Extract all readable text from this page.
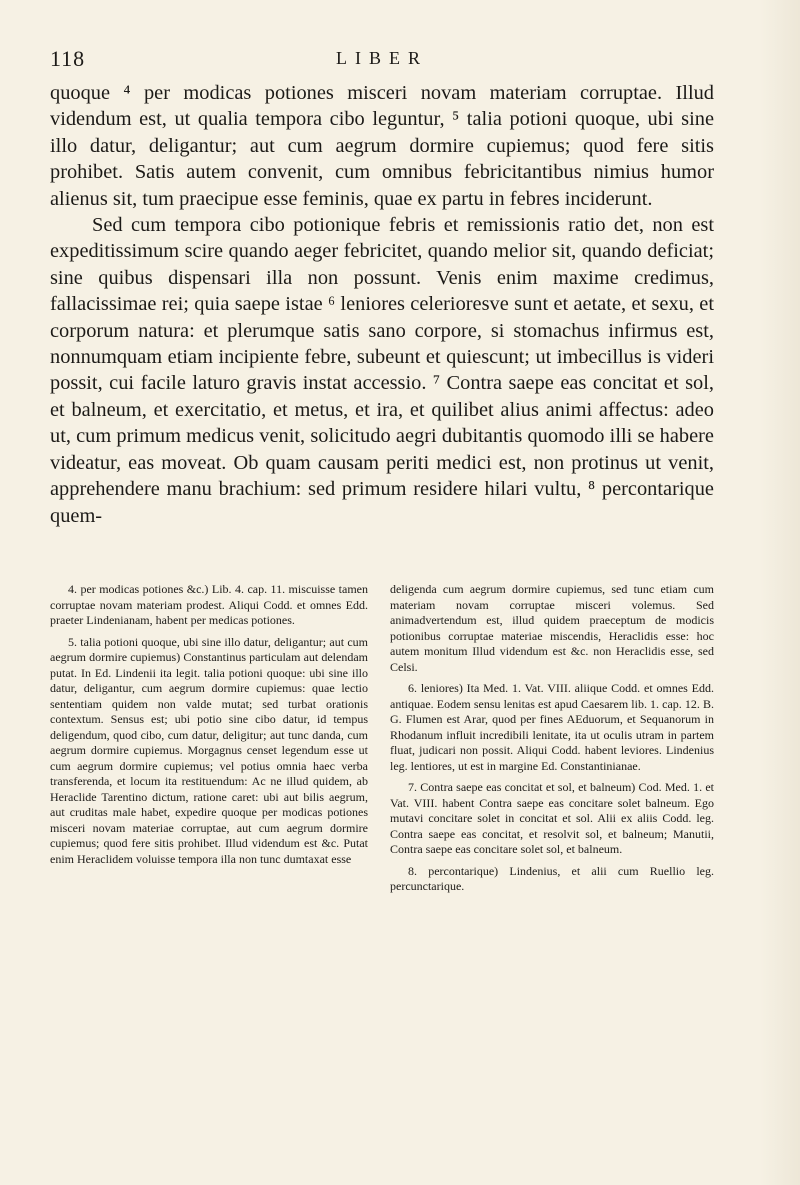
118	LIBER

quoque ⁴ per modicas potiones misceri novam materiam corruptae. Illud videndum est, ut qualia tempora cibo leguntur, ⁵ talia potioni quoque, ubi sine illo datur, deligantur; aut cum aegrum dormire cupiemus; quod fere sitis prohibet. Satis autem convenit, cum omnibus febricitantibus nimius humor alienus sit, tum praecipue esse feminis, quae ex partu in febres inciderunt.

Sed cum tempora cibo potionique febris et remissionis ratio det, non est expeditissimum scire quando aeger febricitet, quando melior sit, quando deficiat; sine quibus dispensari illa non possunt. Venis enim maxime credimus, fallacissimae rei; quia saepe istae ⁶ leniores celerioresve sunt et aetate, et sexu, et corporum natura: et plerumque satis sano corpore, si stomachus infirmus est, nonnumquam etiam incipiente febre, subeunt et quiescunt; ut imbecillus is videri possit, cui facile laturo gravis instat accessio. ⁷ Contra saepe eas concitat et sol, et balneum, et exercitatio, et metus, et ira, et quilibet alius animi affectus: adeo ut, cum primum medicus venit, solicitudo aegri dubitantis quomodo illi se habere videatur, eas moveat. Ob quam causam periti medici est, non protinus ut venit, apprehendere manu brachium: sed primum residere hilari vultu, ⁸ percontarique quem-

4. per modicas potiones &c.) Lib. 4. cap. 11. miscuisse tamen corruptae novam materiam prodest. Aliqui Codd. et omnes Edd. praeter Lindenianam, habent per medicas potiones.

5. talia potioni quoque, ubi sine illo datur, deligantur; aut cum aegrum dormire cupiemus) Constantinus particulam aut delendam putat. In Ed. Lindenii ita legit. talia potioni quoque: ubi sine illo datur, deligantur, cum aegrum dormire cupiemus: quae lectio sententiam quidem non valde mutat; sed turbat orationis contextum. Sensus est; ubi potio sine cibo datur, id tempus deligendum, quod cibo, cum datur, deligitur; aut tunc danda, cum aegrum dormire cupiemus. Morgagnus censet legendum esse ut cum aegrum dormire cupiemus; vel potius omnia haec verba transferenda, et locum ita restituendum: Ac ne illud quidem, ab Heraclide Tarentino dictum, ratione caret: ubi aut bilis aegrum, aut cruditas male habet, expedire quoque per modicas potiones misceri novam materiae corruptae, aut cum aegrum dormire cupiemus; quod fere sitis prohibet. Illud videndum est &c. Putat enim Heraclidem voluisse tempora illa non tunc dumtaxat esse

deligenda cum aegrum dormire cupiemus, sed tunc etiam cum materiam novam corruptae misceri volemus. Sed animadvertendum est, illud quidem praeceptum de modicis potionibus corruptae materiae miscendis, Heraclidis esse: hoc autem monitum Illud videndum est &c. non Heraclidis esse, sed Celsi.

6. leniores) Ita Med. 1. Vat. VIII. aliique Codd. et omnes Edd. antiquae. Eodem sensu lenitas est apud Caesarem lib. 1. cap. 12. B. G. Flumen est Arar, quod per fines AEduorum, et Sequanorum in Rhodanum influit incredibili lenitate, ita ut oculis utram in partem fluat, judicari non possit. Aliqui Codd. habent leviores. Lindenius leg. lentiores, ut est in margine Ed. Constantinianae.

7. Contra saepe eas concitat et sol, et balneum) Cod. Med. 1. et Vat. VIII. habent Contra saepe eas concitare solet balneum. Ego mutavi concitare solet in concitat et sol. Alii ex aliis Codd. leg. Contra saepe eas concitat, et resolvit sol, et balneum; Manutii, Contra saepe eas concitare solet sol, et balneum.

8. percontarique) Lindenius, et alii cum Ruellio leg. percunctarique.
